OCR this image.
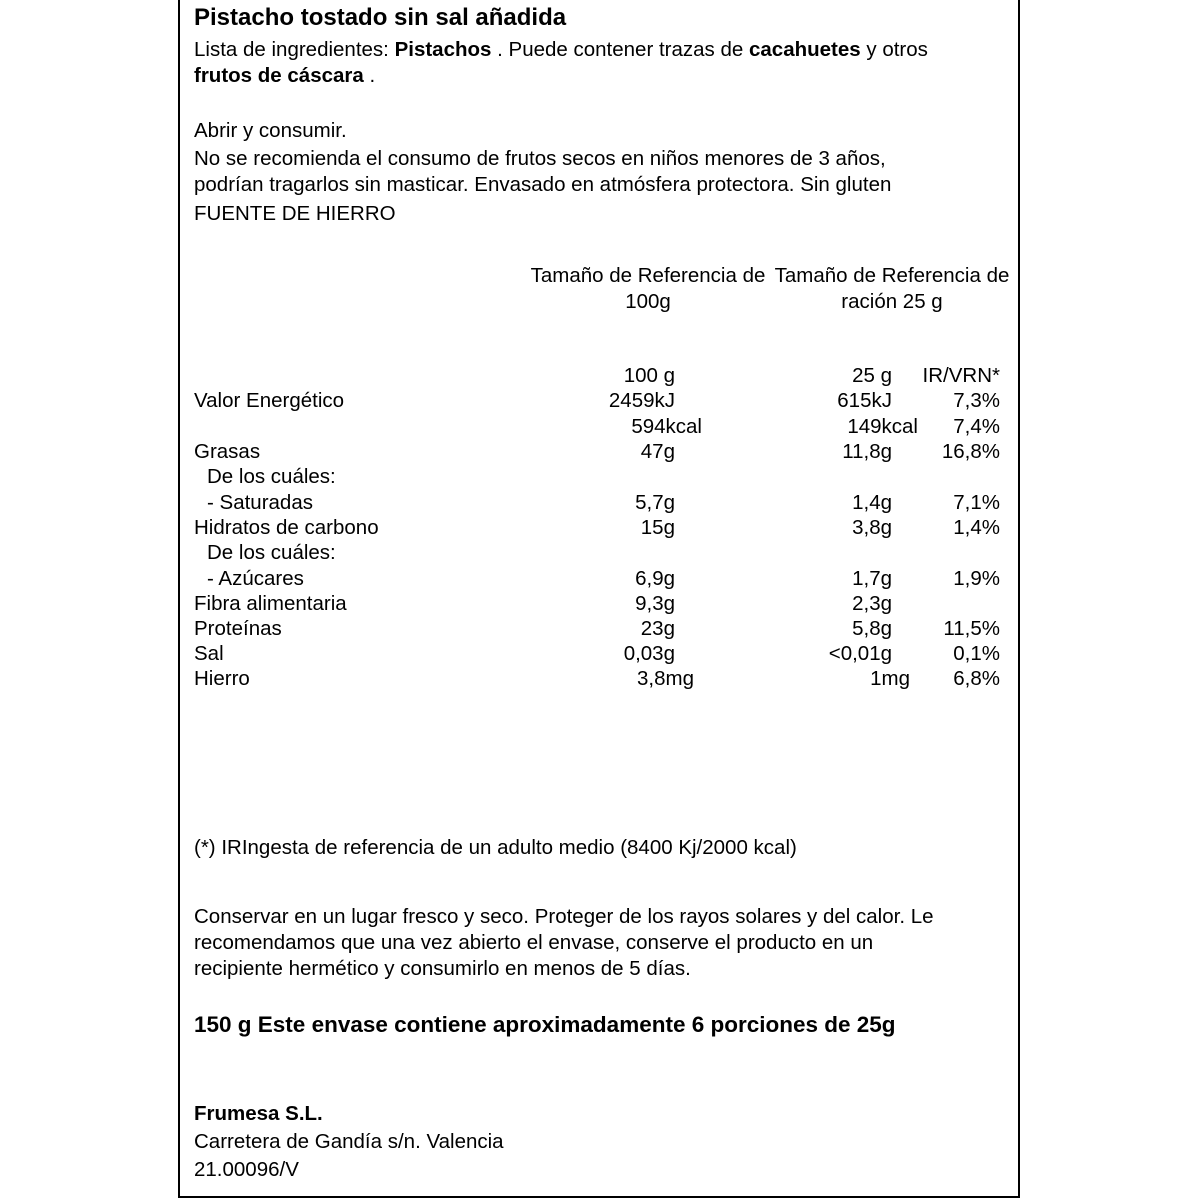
Pistacho tostado sin sal añadida
Lista de ingredientes: Pistachos . Puede contener trazas de cacahuetes y otros
frutos de cáscara .
Abrir y consumir.
No se recomienda el consumo de frutos secos en niños menores de 3 años,
podrían tragarlos sin masticar. Envasado en atmósfera protectora. Sin gluten
FUENTE DE HIERRO
Tamaño de Referencia de
100g
Tamaño de Referencia de
ración 25 g
100 g	25 g IR/VRN*
Valor Energético	2459kJ	615kJ	7,3%
594kcal	149kcal 7,4%
Grasas	47g	11,8g 16,8%
De los cuáles:
- Saturadas	5,7g	1,4g	7,1%
Hidratos de carbono	15g	3,8g	1,4%
De los cuáles:
- Azúcares	6,9g	1,7g	1,9%
Fibra alimentaria	9,3g	2,3g
Proteínas	23g	5,8g	11,5%
Sal	0,03g	<0,01g	0,1%
Hierro	3,8mg	1mg 6,8%
(*) IRIngesta de referencia de un adulto medio (8400 Kj/2000 kcal)
Conservar en un lugar fresco y seco. Proteger de los rayos solares y del calor. Le
recomendamos que una vez abierto el envase, conserve el producto en un
recipiente hermético y consumirlo en menos de 5 días.
150 g Este envase contiene aproximadamente 6 porciones de 25g
Frumesa S.L.
Carretera de Gandía s/n. Valencia
21.00096/V
